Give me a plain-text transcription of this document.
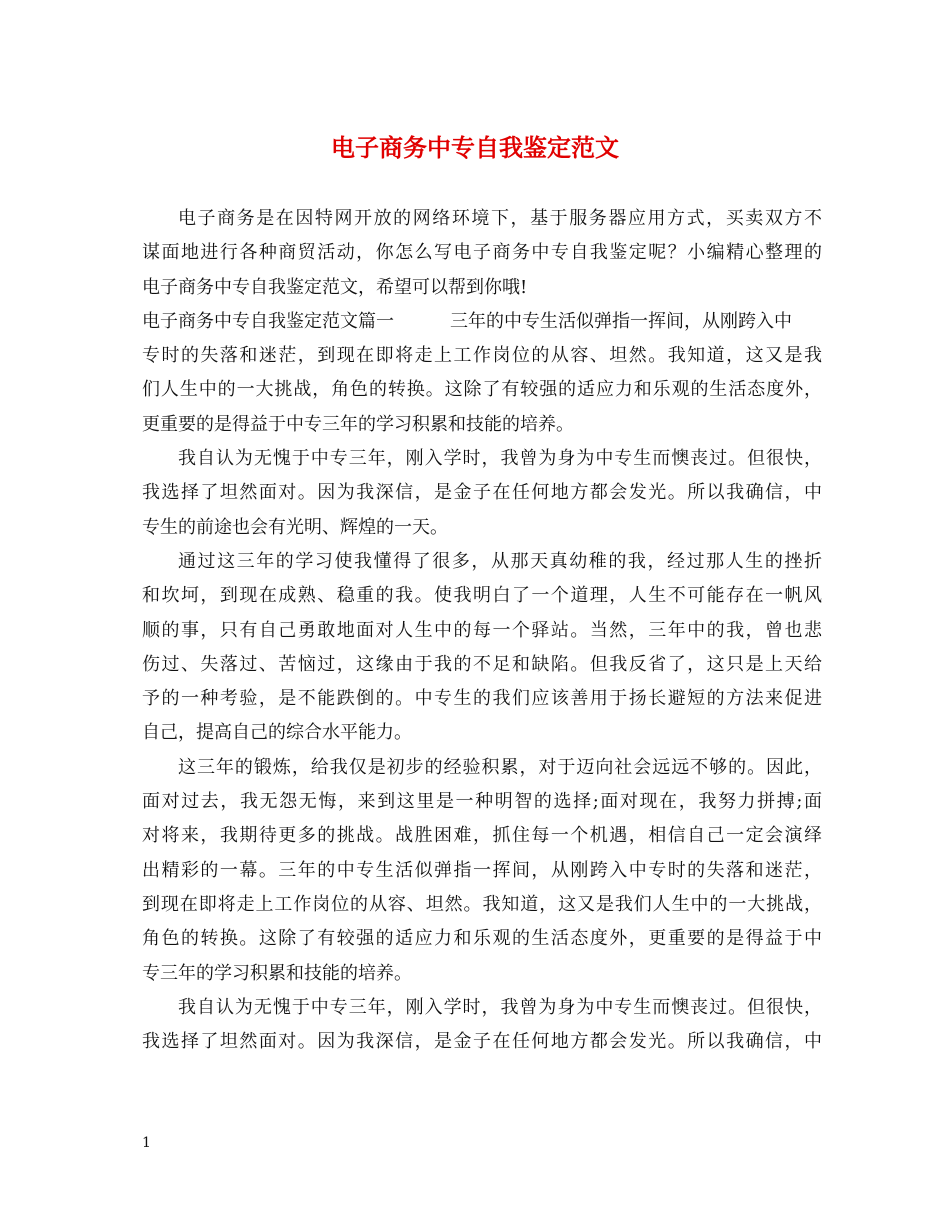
电子商务中专自我鉴定范文
电子商务是在因特网开放的网络环境下，基于服务器应用方式，买卖双方不
谋面地进行各种商贸活动，你怎么写电子商务中专自我鉴定呢？小编精心整理的
电子商务中专自我鉴定范文，希望可以帮到你哦!
电子商务中专自我鉴定范文篇一	三年的中专生活似弹指一挥间，从刚跨入中
专时的失落和迷茫，到现在即将走上工作岗位的从容、坦然。我知道，这又是我
们人生中的一大挑战，角色的转换。这除了有较强的适应力和乐观的生活态度外，
更重要的是得益于中专三年的学习积累和技能的培养。
我自认为无愧于中专三年，刚入学时，我曾为身为中专生而懊丧过。但很快，
我选择了坦然面对。因为我深信，是金子在任何地方都会发光。所以我确信，中
专生的前途也会有光明、辉煌的一天。
通过这三年的学习使我懂得了很多，从那天真幼稚的我，经过那人生的挫折
和坎坷，到现在成熟、稳重的我。使我明白了一个道理，人生不可能存在一帆风
顺的事，只有自己勇敢地面对人生中的每一个驿站。当然，三年中的我，曾也悲
伤过、失落过、苦恼过，这缘由于我的不足和缺陷。但我反省了，这只是上天给
予的一种考验，是不能跌倒的。中专生的我们应该善用于扬长避短的方法来促进
自己，提高自己的综合水平能力。
这三年的锻炼，给我仅是初步的经验积累，对于迈向社会远远不够的。因此，
面对过去，我无怨无悔，来到这里是一种明智的选择;面对现在，我努力拼搏;面
对将来，我期待更多的挑战。战胜困难，抓住每一个机遇，相信自己一定会演绎
出精彩的一幕。三年的中专生活似弹指一挥间，从刚跨入中专时的失落和迷茫，
到现在即将走上工作岗位的从容、坦然。我知道，这又是我们人生中的一大挑战，
角色的转换。这除了有较强的适应力和乐观的生活态度外，更重要的是得益于中
专三年的学习积累和技能的培养。
我自认为无愧于中专三年，刚入学时，我曾为身为中专生而懊丧过。但很快，
我选择了坦然面对。因为我深信，是金子在任何地方都会发光。所以我确信，中
1
